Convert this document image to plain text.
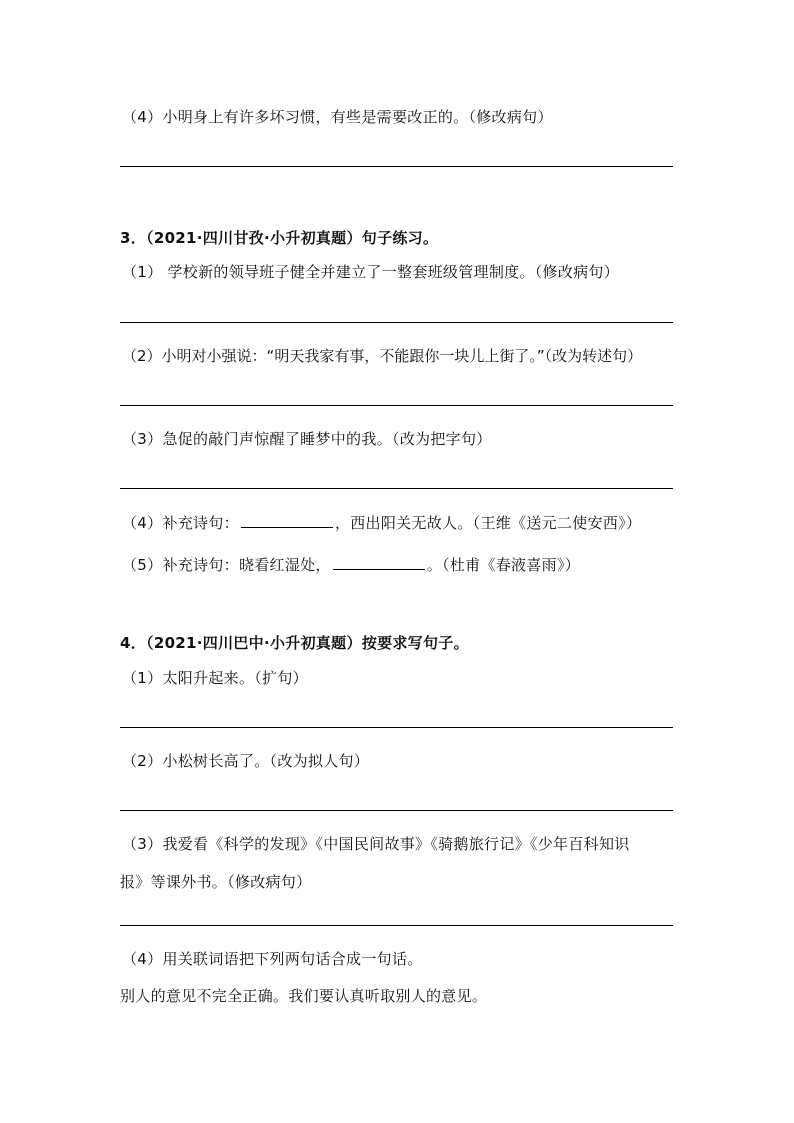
（4）小明身上有许多坏习惯，有些是需要改正的。（修改病句）
3．（2021·四川甘孜·小升初真题）句子练习。
（1） 学校新的领导班子健全并建立了一整套班级管理制度。（修改病句）
（2）小明对小强说：“明天我家有事，不能跟你一块儿上街了。”（改为转述句）
（3）急促的敲门声惊醒了睡梦中的我。（改为把字句）
（4）补充诗句：	，西出阳关无故人。（王维《送元二使安西》）
（5）补充诗句：晓看红湿处，	。（杜甫《春液喜雨》）
4．（2021·四川巴中·小升初真题）按要求写句子。
（1）太阳升起来。（扩句）
（2）小松树长高了。（改为拟人句）
（3）我爱看《科学的发现》《中国民间故事》《骑鹅旅行记》《少年百科知识
报》等课外书。（修改病句）
（4）用关联词语把下列两句话合成一句话。
别人的意见不完全正确。我们要认真听取别人的意见。
